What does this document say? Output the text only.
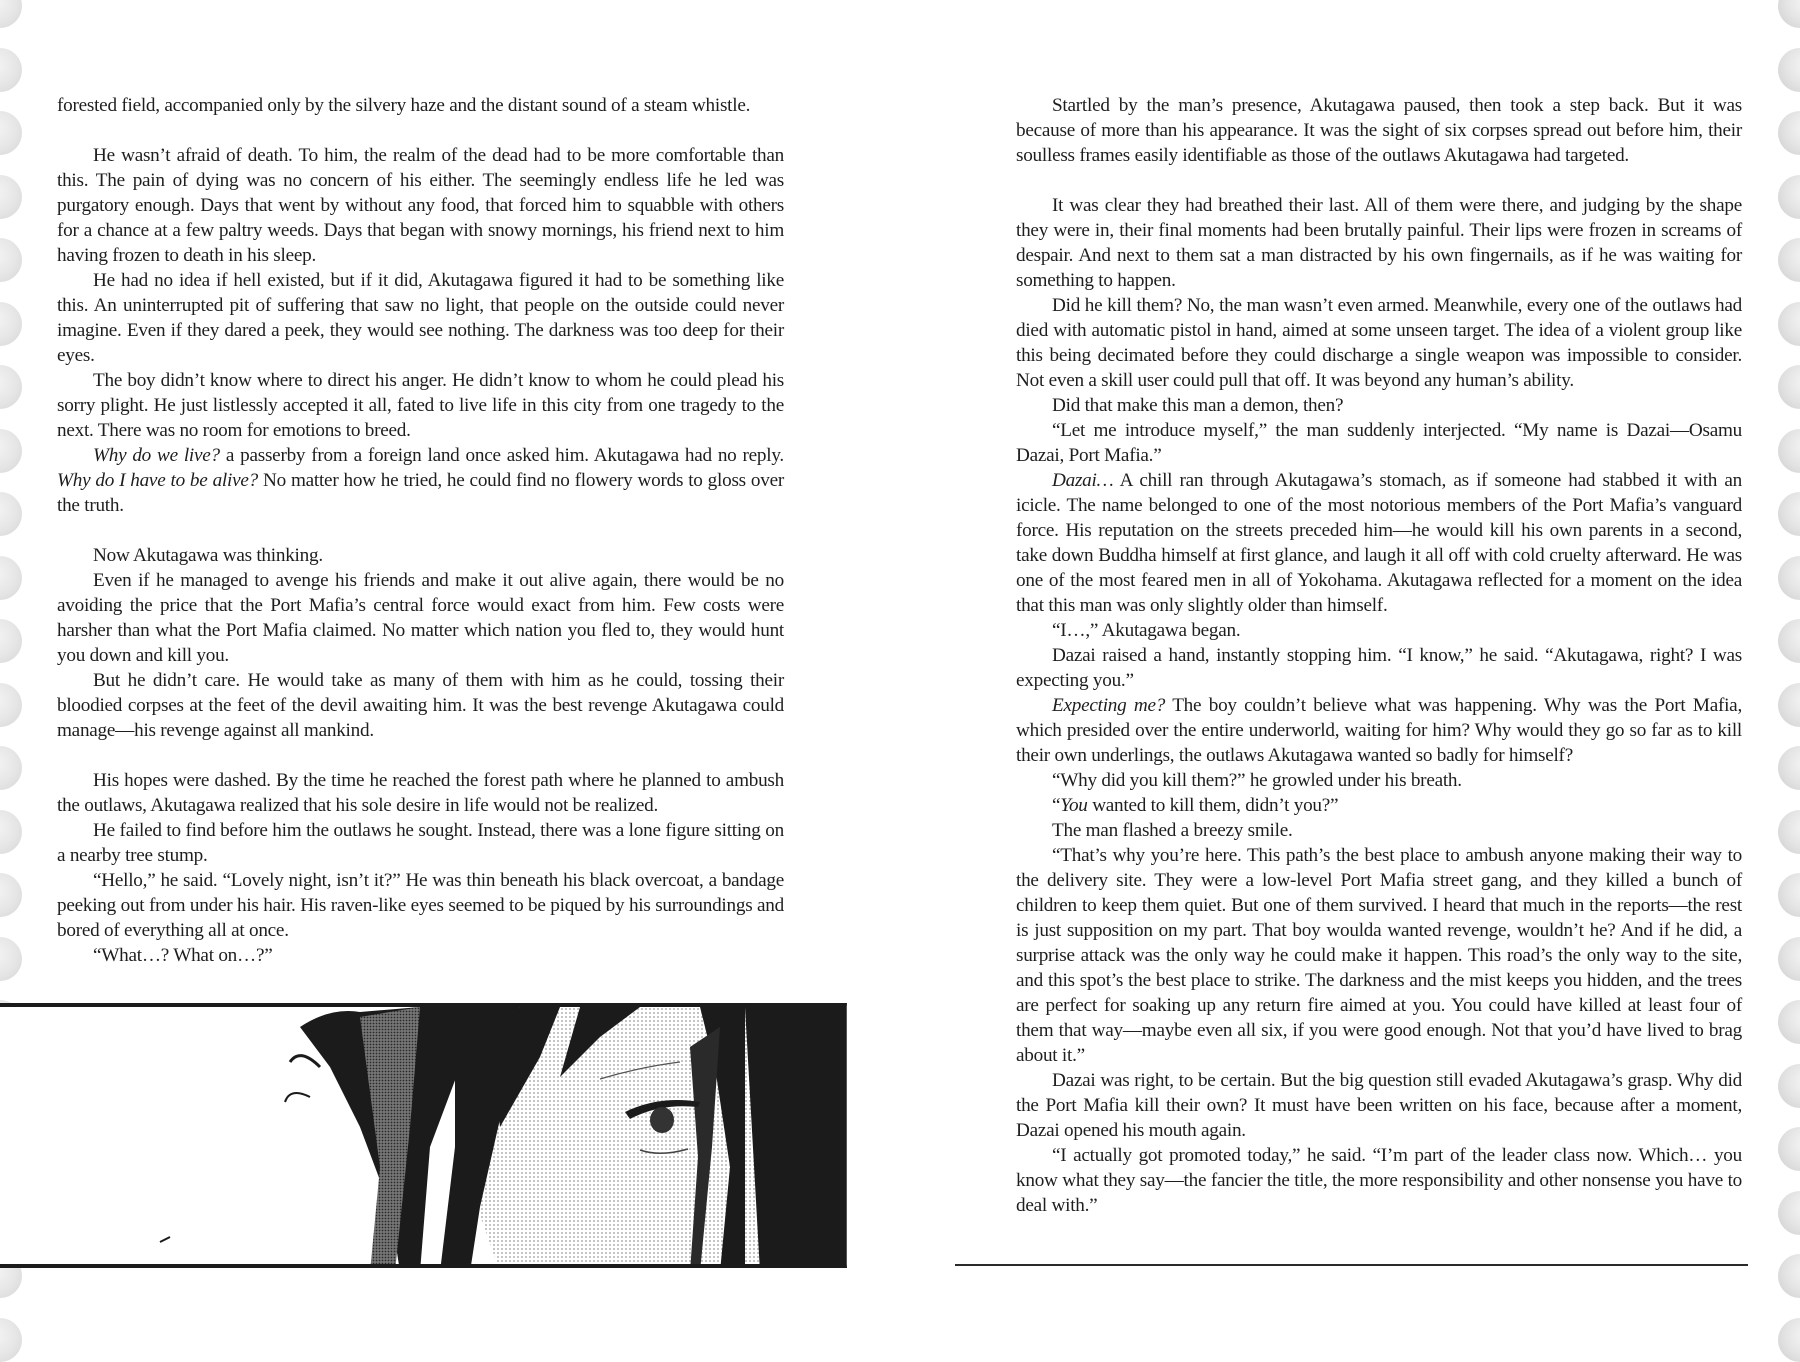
forested field, accompanied only by the silvery haze and the distant sound of a steam whistle.

He wasn’t afraid of death. To him, the realm of the dead had to be more comfortable than this. The pain of dying was no concern of his either. The seemingly endless life he led was purgatory enough. Days that went by without any food, that forced him to squabble with others for a chance at a few paltry weeds. Days that began with snowy mornings, his friend next to him having frozen to death in his sleep.

He had no idea if hell existed, but if it did, Akutagawa figured it had to be something like this. An uninterrupted pit of suffering that saw no light, that people on the outside could never imagine. Even if they dared a peek, they would see nothing. The darkness was too deep for their eyes.

The boy didn’t know where to direct his anger. He didn’t know to whom he could plead his sorry plight. He just listlessly accepted it all, fated to live life in this city from one tragedy to the next. There was no room for emotions to breed.

Why do we live? a passerby from a foreign land once asked him. Akutagawa had no reply. Why do I have to be alive? No matter how he tried, he could find no flowery words to gloss over the truth.

Now Akutagawa was thinking.

Even if he managed to avenge his friends and make it out alive again, there would be no avoiding the price that the Port Mafia’s central force would exact from him. Few costs were harsher than what the Port Mafia claimed. No matter which nation you fled to, they would hunt you down and kill you.

But he didn’t care. He would take as many of them with him as he could, tossing their bloodied corpses at the feet of the devil awaiting him. It was the best revenge Akutagawa could manage—his revenge against all mankind.

His hopes were dashed. By the time he reached the forest path where he planned to ambush the outlaws, Akutagawa realized that his sole desire in life would not be realized.

He failed to find before him the outlaws he sought. Instead, there was a lone figure sitting on a nearby tree stump.

“Hello,” he said. “Lovely night, isn’t it?” He was thin beneath his black overcoat, a bandage peeking out from under his hair. His raven-like eyes seemed to be piqued by his surroundings and bored of everything all at once.

“What…? What on…?”

Startled by the man’s presence, Akutagawa paused, then took a step back. But it was because of more than his appearance. It was the sight of six corpses spread out before him, their soulless frames easily identifiable as those of the outlaws Akutagawa had targeted.

It was clear they had breathed their last. All of them were there, and judging by the shape they were in, their final moments had been brutally painful. Their lips were frozen in screams of despair. And next to them sat a man distracted by his own fingernails, as if he was waiting for something to happen.

Did he kill them? No, the man wasn’t even armed. Meanwhile, every one of the outlaws had died with automatic pistol in hand, aimed at some unseen target. The idea of a violent group like this being decimated before they could discharge a single weapon was impossible to consider. Not even a skill user could pull that off. It was beyond any human’s ability.

Did that make this man a demon, then?

“Let me introduce myself,” the man suddenly interjected. “My name is Dazai—Osamu Dazai, Port Mafia.”

Dazai… A chill ran through Akutagawa’s stomach, as if someone had stabbed it with an icicle. The name belonged to one of the most notorious members of the Port Mafia’s vanguard force. His reputation on the streets preceded him—he would kill his own parents in a second, take down Buddha himself at first glance, and laugh it all off with cold cruelty afterward. He was one of the most feared men in all of Yokohama. Akutagawa reflected for a moment on the idea that this man was only slightly older than himself.

“I…,” Akutagawa began.

Dazai raised a hand, instantly stopping him. “I know,” he said. “Akutagawa, right? I was expecting you.”

Expecting me? The boy couldn’t believe what was happening. Why was the Port Mafia, which presided over the entire underworld, waiting for him? Why would they go so far as to kill their own underlings, the outlaws Akutagawa wanted so badly for himself?

“Why did you kill them?” he growled under his breath.

“You wanted to kill them, didn’t you?”

The man flashed a breezy smile.

“That’s why you’re here. This path’s the best place to ambush anyone making their way to the delivery site. They were a low-level Port Mafia street gang, and they killed a bunch of children to keep them quiet. But one of them survived. I heard that much in the reports—the rest is just supposition on my part. That boy woulda wanted revenge, wouldn’t he? And if he did, a surprise attack was the only way he could make it happen. This road’s the only way to the site, and this spot’s the best place to strike. The darkness and the mist keeps you hidden, and the trees are perfect for soaking up any return fire aimed at you. You could have killed at least four of them that way—maybe even all six, if you were good enough. Not that you’d have lived to brag about it.”

Dazai was right, to be certain. But the big question still evaded Akutagawa’s grasp. Why did the Port Mafia kill their own? It must have been written on his face, because after a moment, Dazai opened his mouth again.

“I actually got promoted today,” he said. “I’m part of the leader class now. Which… you know what they say—the fancier the title, the more responsibility and other nonsense you have to deal with.”
